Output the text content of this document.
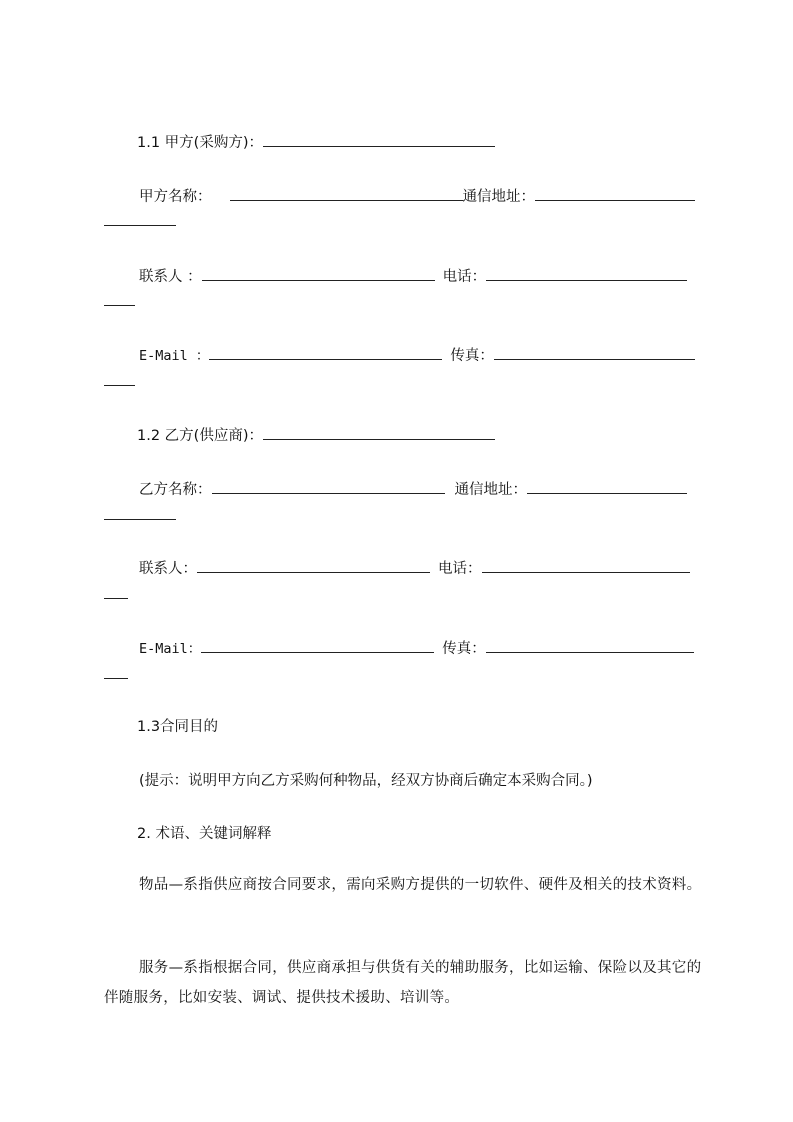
1.1 甲方(采购方)：
甲方名称：	通信地址：
联系人 ：	电话：
E-Mail ：	传真：
1.2 乙方(供应商)：
乙方名称：	通信地址：
联系人：	电话：
E-Mail：	传真：
1.3合同目的
(提示：说明甲方向乙方采购何种物品，经双方协商后确定本采购合同。)
2. 术语、关键词解释
物品—系指供应商按合同要求，需向采购方提供的一切软件、硬件及相关的技术资料。
服务—系指根据合同，供应商承担与供货有关的辅助服务，比如运输、保险以及其它的伴随服务，比如安装、调试、提供技术援助、培训等。
